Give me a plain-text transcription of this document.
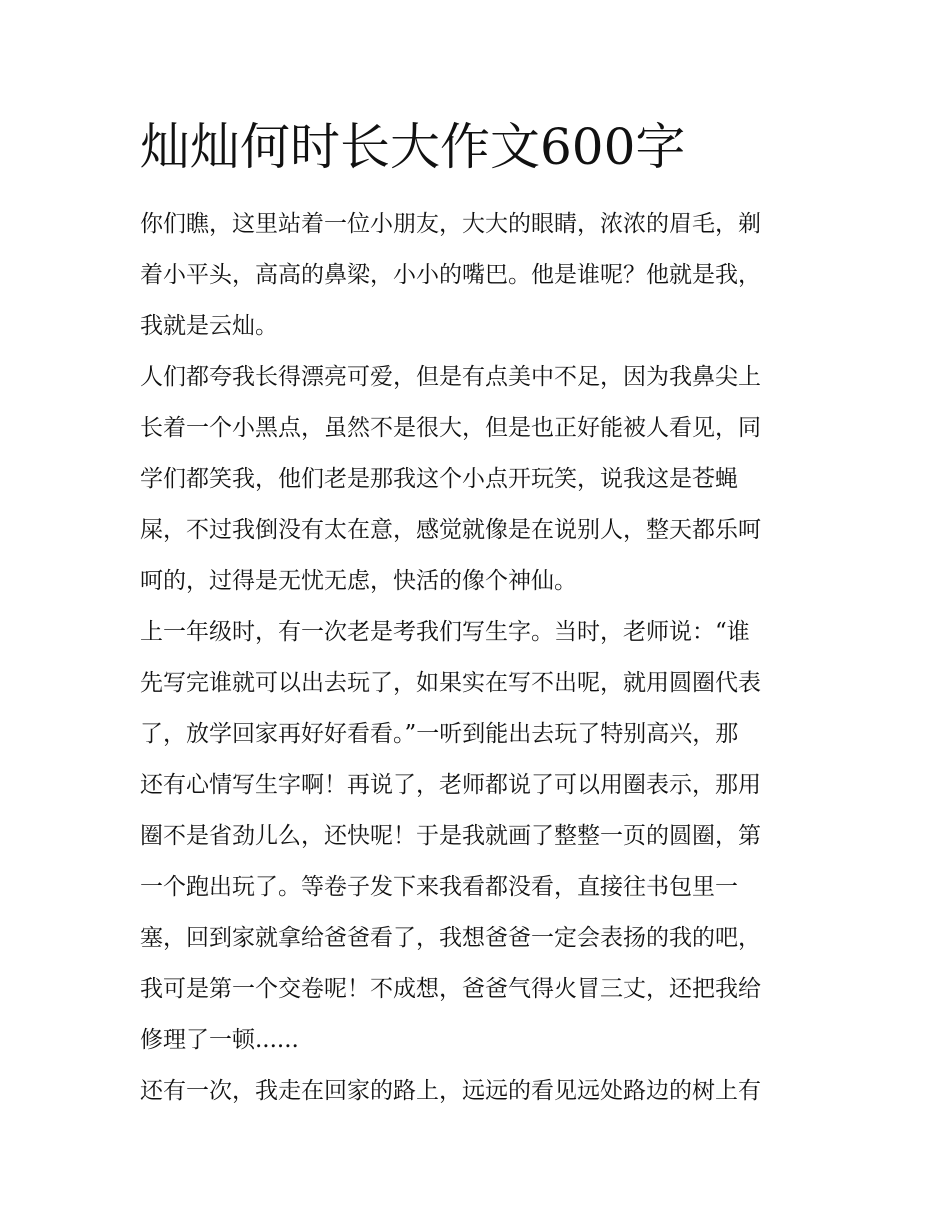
灿灿何时长大作文600字

你们瞧，这里站着一位小朋友，大大的眼睛，浓浓的眉毛，剃

着小平头，高高的鼻梁，小小的嘴巴。他是谁呢？他就是我，

我就是云灿。

人们都夸我长得漂亮可爱，但是有点美中不足，因为我鼻尖上

长着一个小黑点，虽然不是很大，但是也正好能被人看见，同

学们都笑我，他们老是那我这个小点开玩笑，说我这是苍蝇

屎，不过我倒没有太在意，感觉就像是在说别人，整天都乐呵

呵的，过得是无忧无虑，快活的像个神仙。

上一年级时，有一次老是考我们写生字。当时，老师说：“谁

先写完谁就可以出去玩了，如果实在写不出呢，就用圆圈代表

了，放学回家再好好看看。”一听到能出去玩了特别高兴，那

还有心情写生字啊！再说了，老师都说了可以用圈表示，那用

圈不是省劲儿么，还快呢！于是我就画了整整一页的圆圈，第

一个跑出玩了。等卷子发下来我看都没看，直接往书包里一

塞，回到家就拿给爸爸看了，我想爸爸一定会表扬的我的吧，

我可是第一个交卷呢！不成想，爸爸气得火冒三丈，还把我给

修理了一顿......

还有一次，我走在回家的路上，远远的看见远处路边的树上有
